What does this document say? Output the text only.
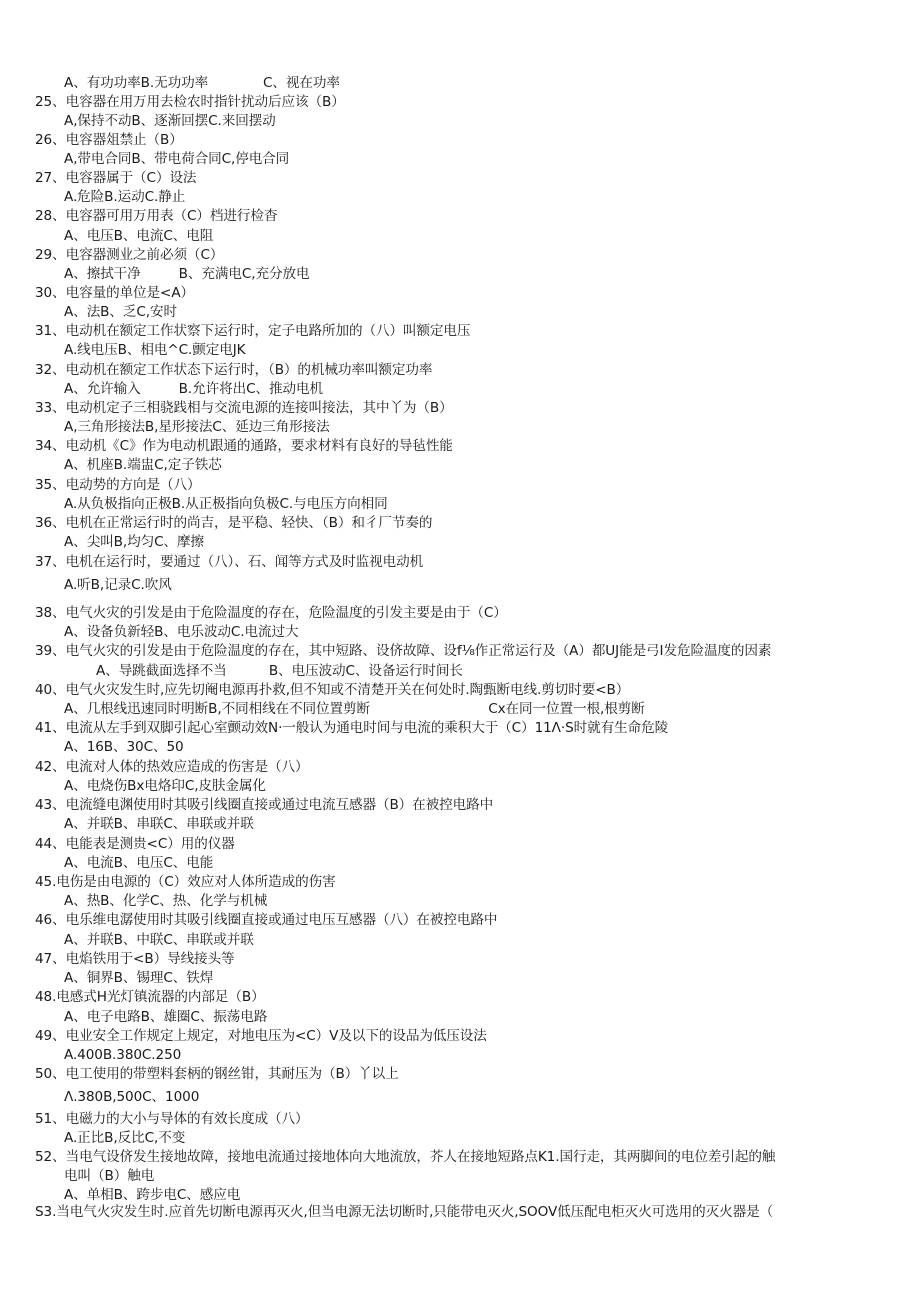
A、有功功率B.无功功率             C、视在功率
25、电容器在用万用去检农时指针扰动后应该（B）
A,保持不动B、逐渐回摆C.来回摆动
26、电容器俎禁止（B）
A,带电合同B、带电荷合同C,停电合同
27、电容器属于（C）设法
A.危险B.运动C.静止
28、电容器可用万用表（C）档进行检杳
A、电压B、电流C、电阻
29、电容器测业之前必须（C）
A、擦拭干净         B、充满电C,充分放电
30、电容量的单位是<A）
A、法B、乏C,安时
31、电动机在额定工作状察下运行时，定子电路所加的（八）叫额定电压
A.线电压B、相电^C.颤定电JK
32、电动机在额定工作状态下运行时，（B）的机械功率叫额定功率
A、允许输入         B.允许将出C、推动电机
33、电动机定子三相骁践相与交流电源的连接叫接法，其中丫为（B）
A,三角形接法B,星形接法C、延边三角形接法
34、电动机《C》作为电动机跟通的通路，要求材料有良好的导毡性能
A、机座B.端盅C,定子铁芯
35、电动势的方向是（八）
A.从负极指向正极B.从正极指向负极C.与电压方向相同
36、电机在正常运行时的尚吉，是平稳、轻快、（B）和彳厂节奏的
A、尖叫B,均匀C、摩擦
37、电机在运行时，要通过（八）、石、闻等方式及时监视电动机
A.听B,记录C.吹风
38、电气火灾的引发是由于危险温度的存在，危险温度的引发主要是由于（C）
A、设备负新轻B、电乐波动C.电流过大
39、电气火灾的引发是由于危险温度的存在，其中短路、设侪故障、设f⅛作正常运行及（A）都UJ能是弓I发危险温度的因素
A、导跳截面选择不当          B、电压波动C、设备运行时间长
40、电气火灾发生时,应先切阉电源再扑救,但不知或不清楚开关在何处时.陶甄断电线.剪切时要<B）
A、几根线迅速同时明断B,不同相线在不同位置剪断                            Cx在同一位置一根,根剪断
41、电流从左手到双脚引起心室颤动效N·一般认为通电时间与电流的乘积大于（C）11Λ·S时就有生命危陵
A、16B、30C、50
42、电流对人体的热效应造成的伤害是（八）
A、电烧伤Bx电烙印C,皮肤金属化
43、电流缝电渊使用时其吸引线圈直接或通过电流互感器（B）在被控电路中
A、并联B、串联C、串联或并联
44、电能表是测贵<C）用的仪器
A、电流B、电压C、电能
45.电伤是由电源的（C）效应对人体所造成的伤害
A、热B、化学C、热、化学与机械
46、电乐维电潺使用时其吸引线圈直接或通过电压互感器（八）在被控电路中
A、并联B、中联C、串联或并联
47、电焰铁用于<B）导线接头等
A、铜界B、锡理C、铁焊
48.电感式H光灯镇流器的内部足（B）
A、电子电路B、雄圈C、振荡电路
49、电业安全工作规定上规定，对地电压为<C）V及以下的设品为低压设法
A.400B.380C.250
50、电工使用的带塑料套柄的钢丝钳，其耐压为（B）丫以上
Λ.380B,500C、1000
51、电磁力的大小与导体的有效长度成（八）
A.正比B,反比C,不变
52、当电气设侪发生接地故障，接地电流通过接地体向大地流放，芥人在接地短路点K1.国行走，其两脚间的电位差引起的触
电叫（B）触电
A、单相B、跨步电C、感应电
S3.当电气火灾发生时.应首先切断电源再灭火,但当电源无法切断时,只能带电灭火,SOOV低压配电柜灭火可选用的灭火器是（
